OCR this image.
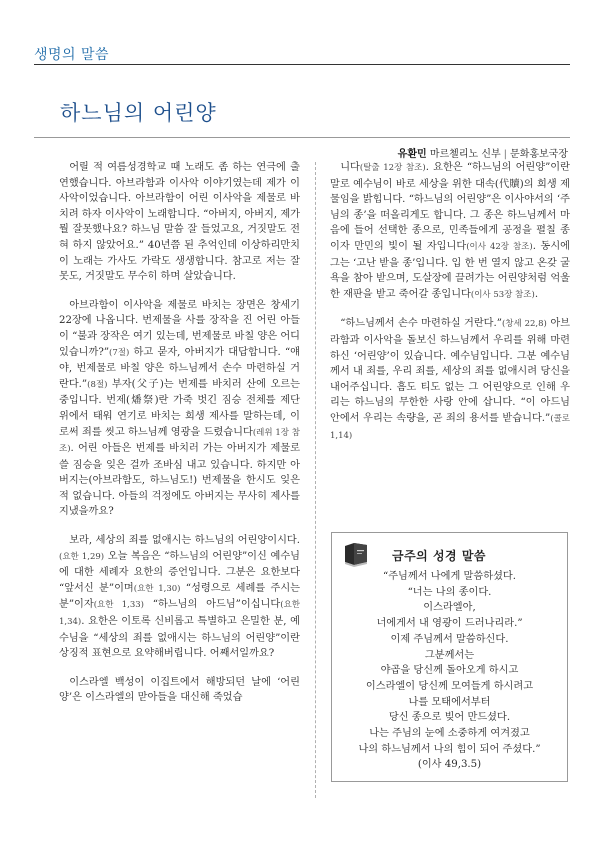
생명의 말씀
하느님의 어린양
유환민 마르첼리노 신부 | 문화홍보국장

어릴 적 여름성경학교 때 노래도 좀 하는 연극에 출연했습니다. 아브라함과 이사악 이야기였는데 제가 이사악이었습니다. 아브라함이 어린 이사악을 제물로 바치려 하자 이사악이 노래합니다. “아버지, 아버지, 제가 뭘 잘못했나요? 하느님 말씀 잘 들었고요, 거짓말도 전혀 하지 않았어요.” 40년쯤 된 추억인데 이상하리만치 이 노래는 가사도 가락도 생생합니다. 참고로 저는 잘못도, 거짓말도 무수히 하며 살았습니다.

아브라함이 이사악을 제물로 바치는 장면은 창세기 22장에 나옵니다. 번제물을 사를 장작을 진 어린 아들이 “불과 장작은 여기 있는데, 번제물로 바칠 양은 어디 있습니까?”(7절) 하고 묻자, 아버지가 대답합니다. “얘야, 번제물로 바칠 양은 하느님께서 손수 마련하실 거란다.”(8절) 부자(父子)는 번제를 바치러 산에 오르는 중입니다. 번제(燔祭)란 가죽 벗긴 짐승 전체를 제단 위에서 태워 연기로 바치는 희생 제사를 말하는데, 이로써 죄를 씻고 하느님께 영광을 드렸습니다(레위 1장 참조). 어린 아들은 번제를 바치러 가는 아버지가 제물로 쓸 짐승을 잊은 걸까 조바심 내고 있습니다. 하지만 아버지는(아브라함도, 하느님도!) 번제물을 한시도 잊은 적 없습니다. 아들의 걱정에도 아버지는 무사히 제사를 지냈을까요?

보라, 세상의 죄를 없애시는 하느님의 어린양이시다.(요한 1,29) 오늘 복음은 “하느님의 어린양”이신 예수님에 대한 세례자 요한의 증언입니다. 그분은 요한보다 “앞서신 분”이며(요한 1,30) “성령으로 세례를 주시는 분”이자(요한 1,33) “하느님의 아드님”이십니다(요한 1,34). 요한은 이토록 신비롭고 특별하고 은밀한 분, 예수님을 “세상의 죄를 없애시는 하느님의 어린양”이란 상징적 표현으로 요약해버립니다. 어째서일까요?

이스라엘 백성이 이집트에서 해방되던 날에 ‘어린양’은 이스라엘의 맏아들을 대신해 죽었습

니다(탈출 12장 참조). 요한은 “하느님의 어린양”이란 말로 예수님이 바로 세상을 위한 대속(代贖)의 희생 제물임을 밝힙니다. “하느님의 어린양”은 이사야서의 ‘주님의 종’을 떠올리게도 합니다. 그 종은 하느님께서 마음에 들어 선택한 종으로, 민족들에게 공정을 펼칠 종이자 만민의 빛이 될 자입니다(이사 42장 참조). 동시에 그는 ‘고난 받을 종’입니다. 입 한 번 열지 않고 온갖 굴욕을 참아 받으며, 도살장에 끌려가는 어린양처럼 억울한 재판을 받고 죽어갈 종입니다(이사 53장 참조).

“하느님께서 손수 마련하실 거란다.”(창세 22,8) 아브라함과 이사악을 돌보신 하느님께서 우리를 위해 마련하신 ‘어린양’이 있습니다. 예수님입니다. 그분 예수님께서 내 죄를, 우리 죄를, 세상의 죄를 없애시려 당신을 내어주십니다. 흠도 티도 없는 그 어린양으로 인해 우리는 하느님의 무한한 사랑 안에 삽니다. “이 아드님 안에서 우리는 속량을, 곧 죄의 용서를 받습니다.”(콜로 1,14)

금주의 성경 말씀
“주님께서 나에게 말씀하셨다.
“너는 나의 종이다.
이스라엘아,
너에게서 내 영광이 드러나리라.”
이제 주님께서 말씀하신다.
그분께서는
야곱을 당신께 돌아오게 하시고
이스라엘이 당신께 모여들게 하시려고
나를 모태에서부터
당신 종으로 빚어 만드셨다.
나는 주님의 눈에 소중하게 여겨졌고
나의 하느님께서 나의 힘이 되어 주셨다.”
(이사 49,3.5)
